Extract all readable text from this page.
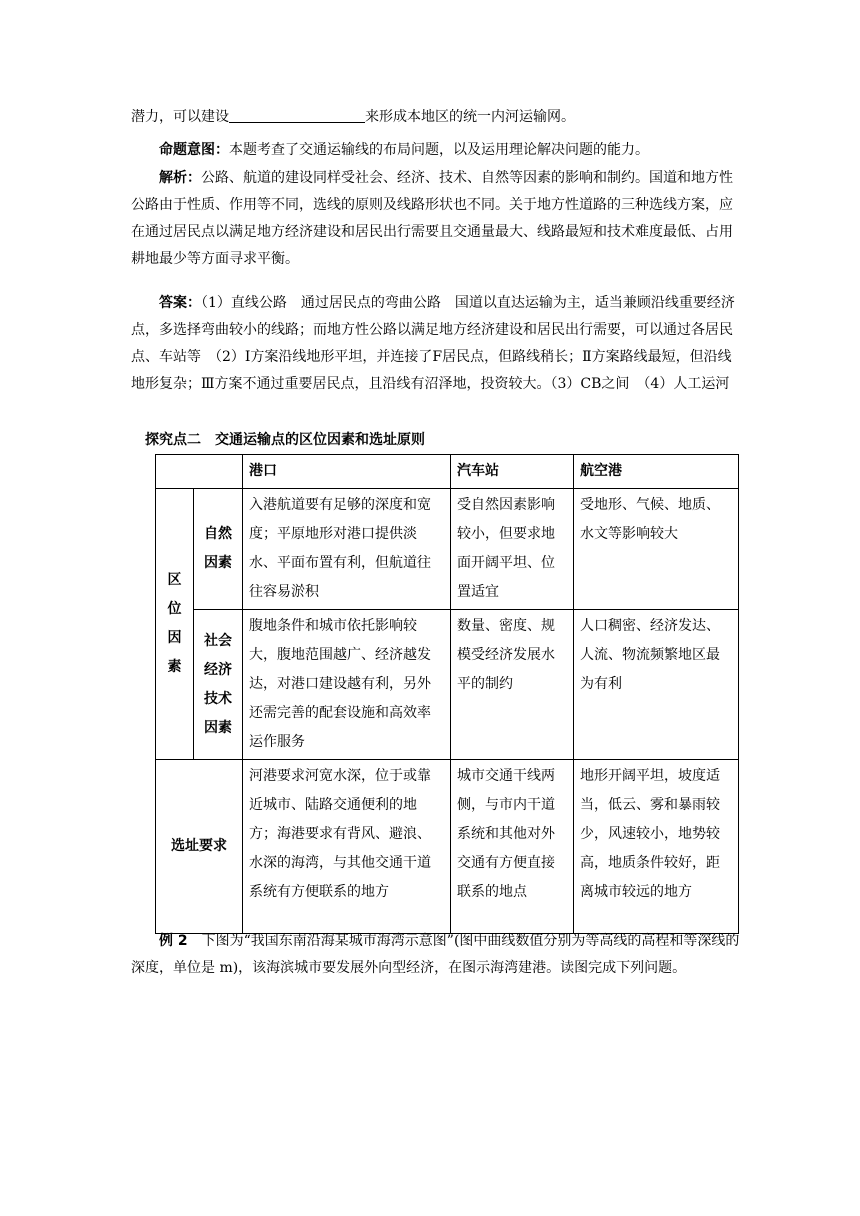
潜力，可以建设	来形成本地区的统一内河运输网。

命题意图：本题考查了交通运输线的布局问题，以及运用理论解决问题的能力。

解析：公路、航道的建设同样受社会、经济、技术、自然等因素的影响和制约。国道和地方性公路由于性质、作用等不同，选线的原则及线路形状也不同。关于地方性道路的三种选线方案，应在通过居民点以满足地方经济建设和居民出行需要且交通量最大、线路最短和技术难度最低、占用耕地最少等方面寻求平衡。

答案：（1）直线公路　通过居民点的弯曲公路　国道以直达运输为主，适当兼顾沿线重要经济点，多选择弯曲较小的线路；而地方性公路以满足地方经济建设和居民出行需要，可以通过各居民点、车站等　（2）Ⅰ方案沿线地形平坦，并连接了F居民点，但路线稍长；Ⅱ方案路线最短，但沿线地形复杂；Ⅲ方案不通过重要居民点，且沿线有沼泽地，投资较大。（3）CB之间　（4）人工运河

探究点二　交通运输点的区位因素和选址原则
		港口	汽车站	航空港

区位因素	自然因素	入港航道要有足够的深度和宽度；平原地形对港口提供淡水、平面布置有利，但航道往往容易淤积	受自然因素影响较小，但要求地面开阔平坦、位置适宜	受地形、气候、地质、水文等影响较大

	社会经济技术因素	腹地条件和城市依托影响较大，腹地范围越广、经济越发达，对港口建设越有利，另外还需完善的配套设施和高效率运作服务	数量、密度、规模受经济发展水平的制约	人口稠密、经济发达、人流、物流频繁地区最为有利
选址要求		河港要求河宽水深，位于或靠近城市、陆路交通便利的地方；海港要求有背风、避浪、水深的海湾，与其他交通干道系统有方便联系的地方	城市交通干线两侧，与市内干道系统和其他对外交通有方便直接联系的地点	地形开阔平坦，坡度适当，低云、雾和暴雨较少，风速较小，地势较高，地质条件较好，距离城市较远的地方

例 2　下图为“我国东南沿海某城市海湾示意图”(图中曲线数值分别为等高线的高程和等深线的深度，单位是 m)，该海滨城市要发展外向型经济，在图示海湾建港。读图完成下列问题。
